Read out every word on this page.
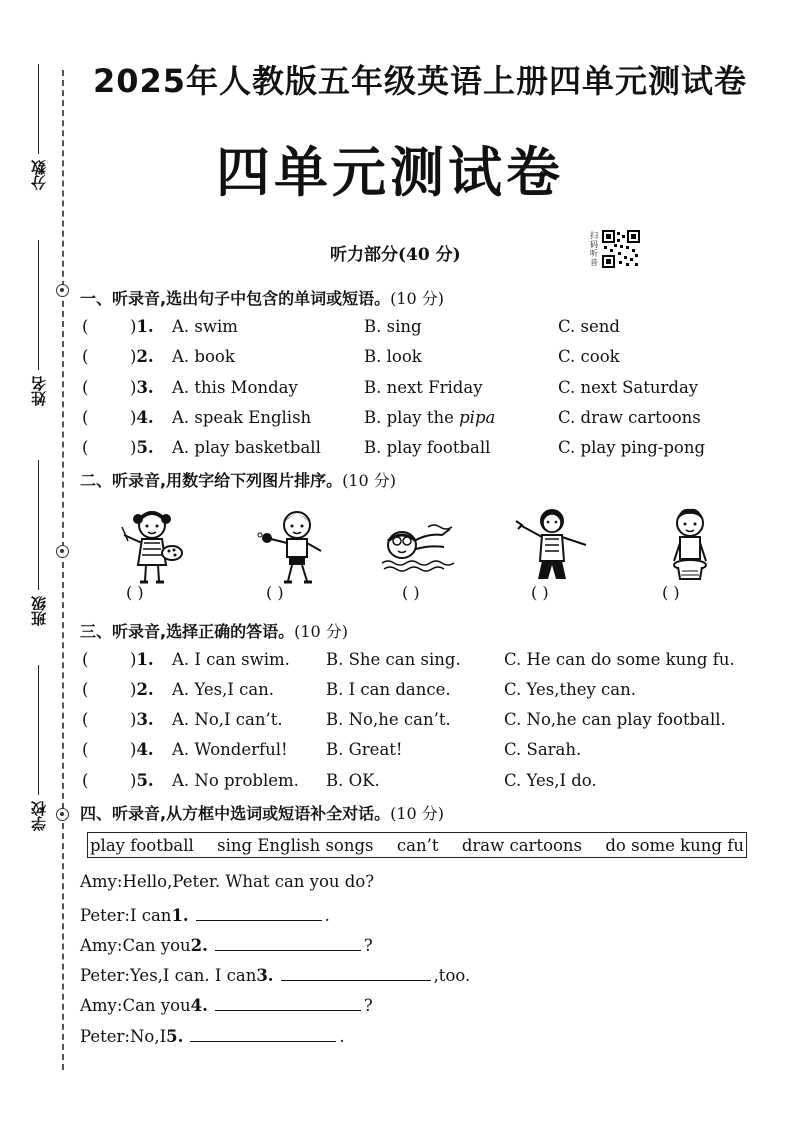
分数
姓名
班级
学校
2025年人教版五年级英语上册四单元测试卷
四单元测试卷
听力部分(40 分)
扫码听音
一、听录音,选出句子中包含的单词或短语。(10 分)
(	)1. A. swim	B. sing	C. send
(	)2. A. book	B. look	C. cook
(	)3. A. this Monday	B. next Friday	C. next Saturday
(	)4. A. speak English	B. play the pipa	C. draw cartoons
(	)5. A. play basketball	B. play football	C. play ping-pong
二、听录音,用数字给下列图片排序。(10 分)
( )	( )	( )	( )	( )
三、听录音,选择正确的答语。(10 分)
(	)1. A. I can swim. B. She can sing.	C. He can do some kung fu.
(	)2. A. Yes,I can.	B. I can dance.	C. Yes,they can.
(	)3. A. No,I can’t.	B. No,he can’t.	C. No,he can play football.
(	)4. A. Wonderful! B. Great!	C. Sarah.
(	)5. A. No problem. B. OK.	C. Yes,I do.
四、听录音,从方框中选词或短语补全对话。(10 分)
play football sing English songs can’t draw cartoons do some kung fu
Amy:Hello,Peter. What can you do?
Peter:I can 1.	.
Amy:Can you 2.	?
Peter:Yes,I can. I can 3.	,too.
Amy:Can you 4.	?
Peter:No,I 5.	.
